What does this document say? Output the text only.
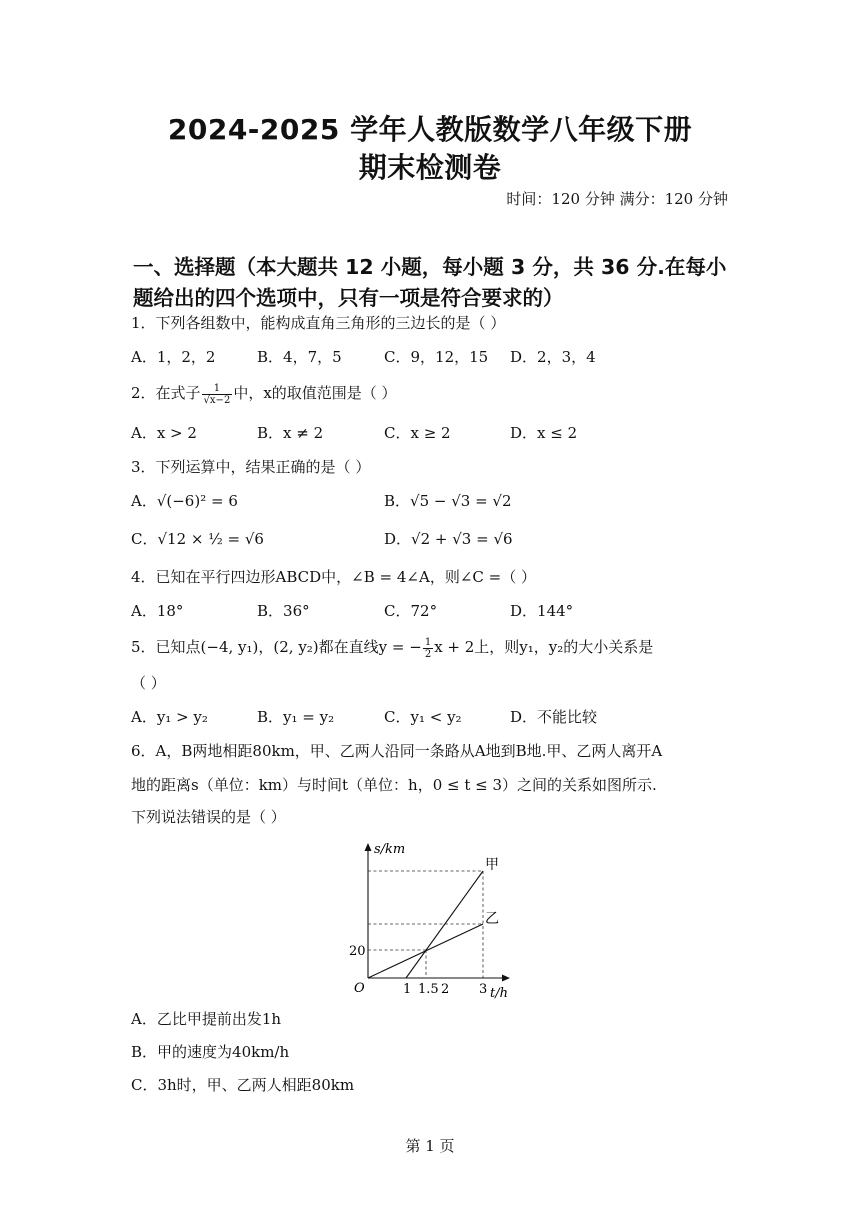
2024-2025 学年人教版数学八年级下册
期末检测卷
时间：120 分钟 满分：120 分钟
一、选择题（本大题共 12 小题，每小题 3 分，共 36 分.在每小题给出的四个选项中，只有一项是符合要求的）
1．下列各组数中，能构成直角三角形的三边长的是（ ）
A．1，2，2	B．4，7，5	C．9，12，15 D．2，3，4
2．在式子 $\frac{1}{√x-2}$ 中，x的取值范围是（ ）
A．x > 2	B．x ≠ 2	C．x ≥ 2	D．x ≤ 2
3．下列运算中，结果正确的是（ ）
A．√(−6)² = 6	B．√5 − √3 = √2
C．√12 × ½ = √6	D．√2 + √3 = √6
4．已知在平行四边形ABCD中，∠B = 4∠A，则∠C =（ ）
A．18°	B．36°	C．72°	D．144°
5．已知点(−4, y₁)，(2, y₂)都在直线y = − $\frac{1}{2}$ x + 2上，则y₁，y₂的大小关系是
（ ）
A．y₁ > y₂	B．y₁ = y₂	C．y₁ < y₂	D．不能比较
6．A，B两地相距80km，甲、乙两人沿同一条路从A地到B地.甲、乙两人离开A
地的距离s（单位：km）与时间t（单位：h，0 ≤ t ≤ 3）之间的关系如图所示.
下列说法错误的是（ ）
s/km
t/h
O
20
1 1.5 2 3
甲
乙
A．乙比甲提前出发1h
B．甲的速度为40km/h
C．3h时，甲、乙两人相距80km
第 1 页
